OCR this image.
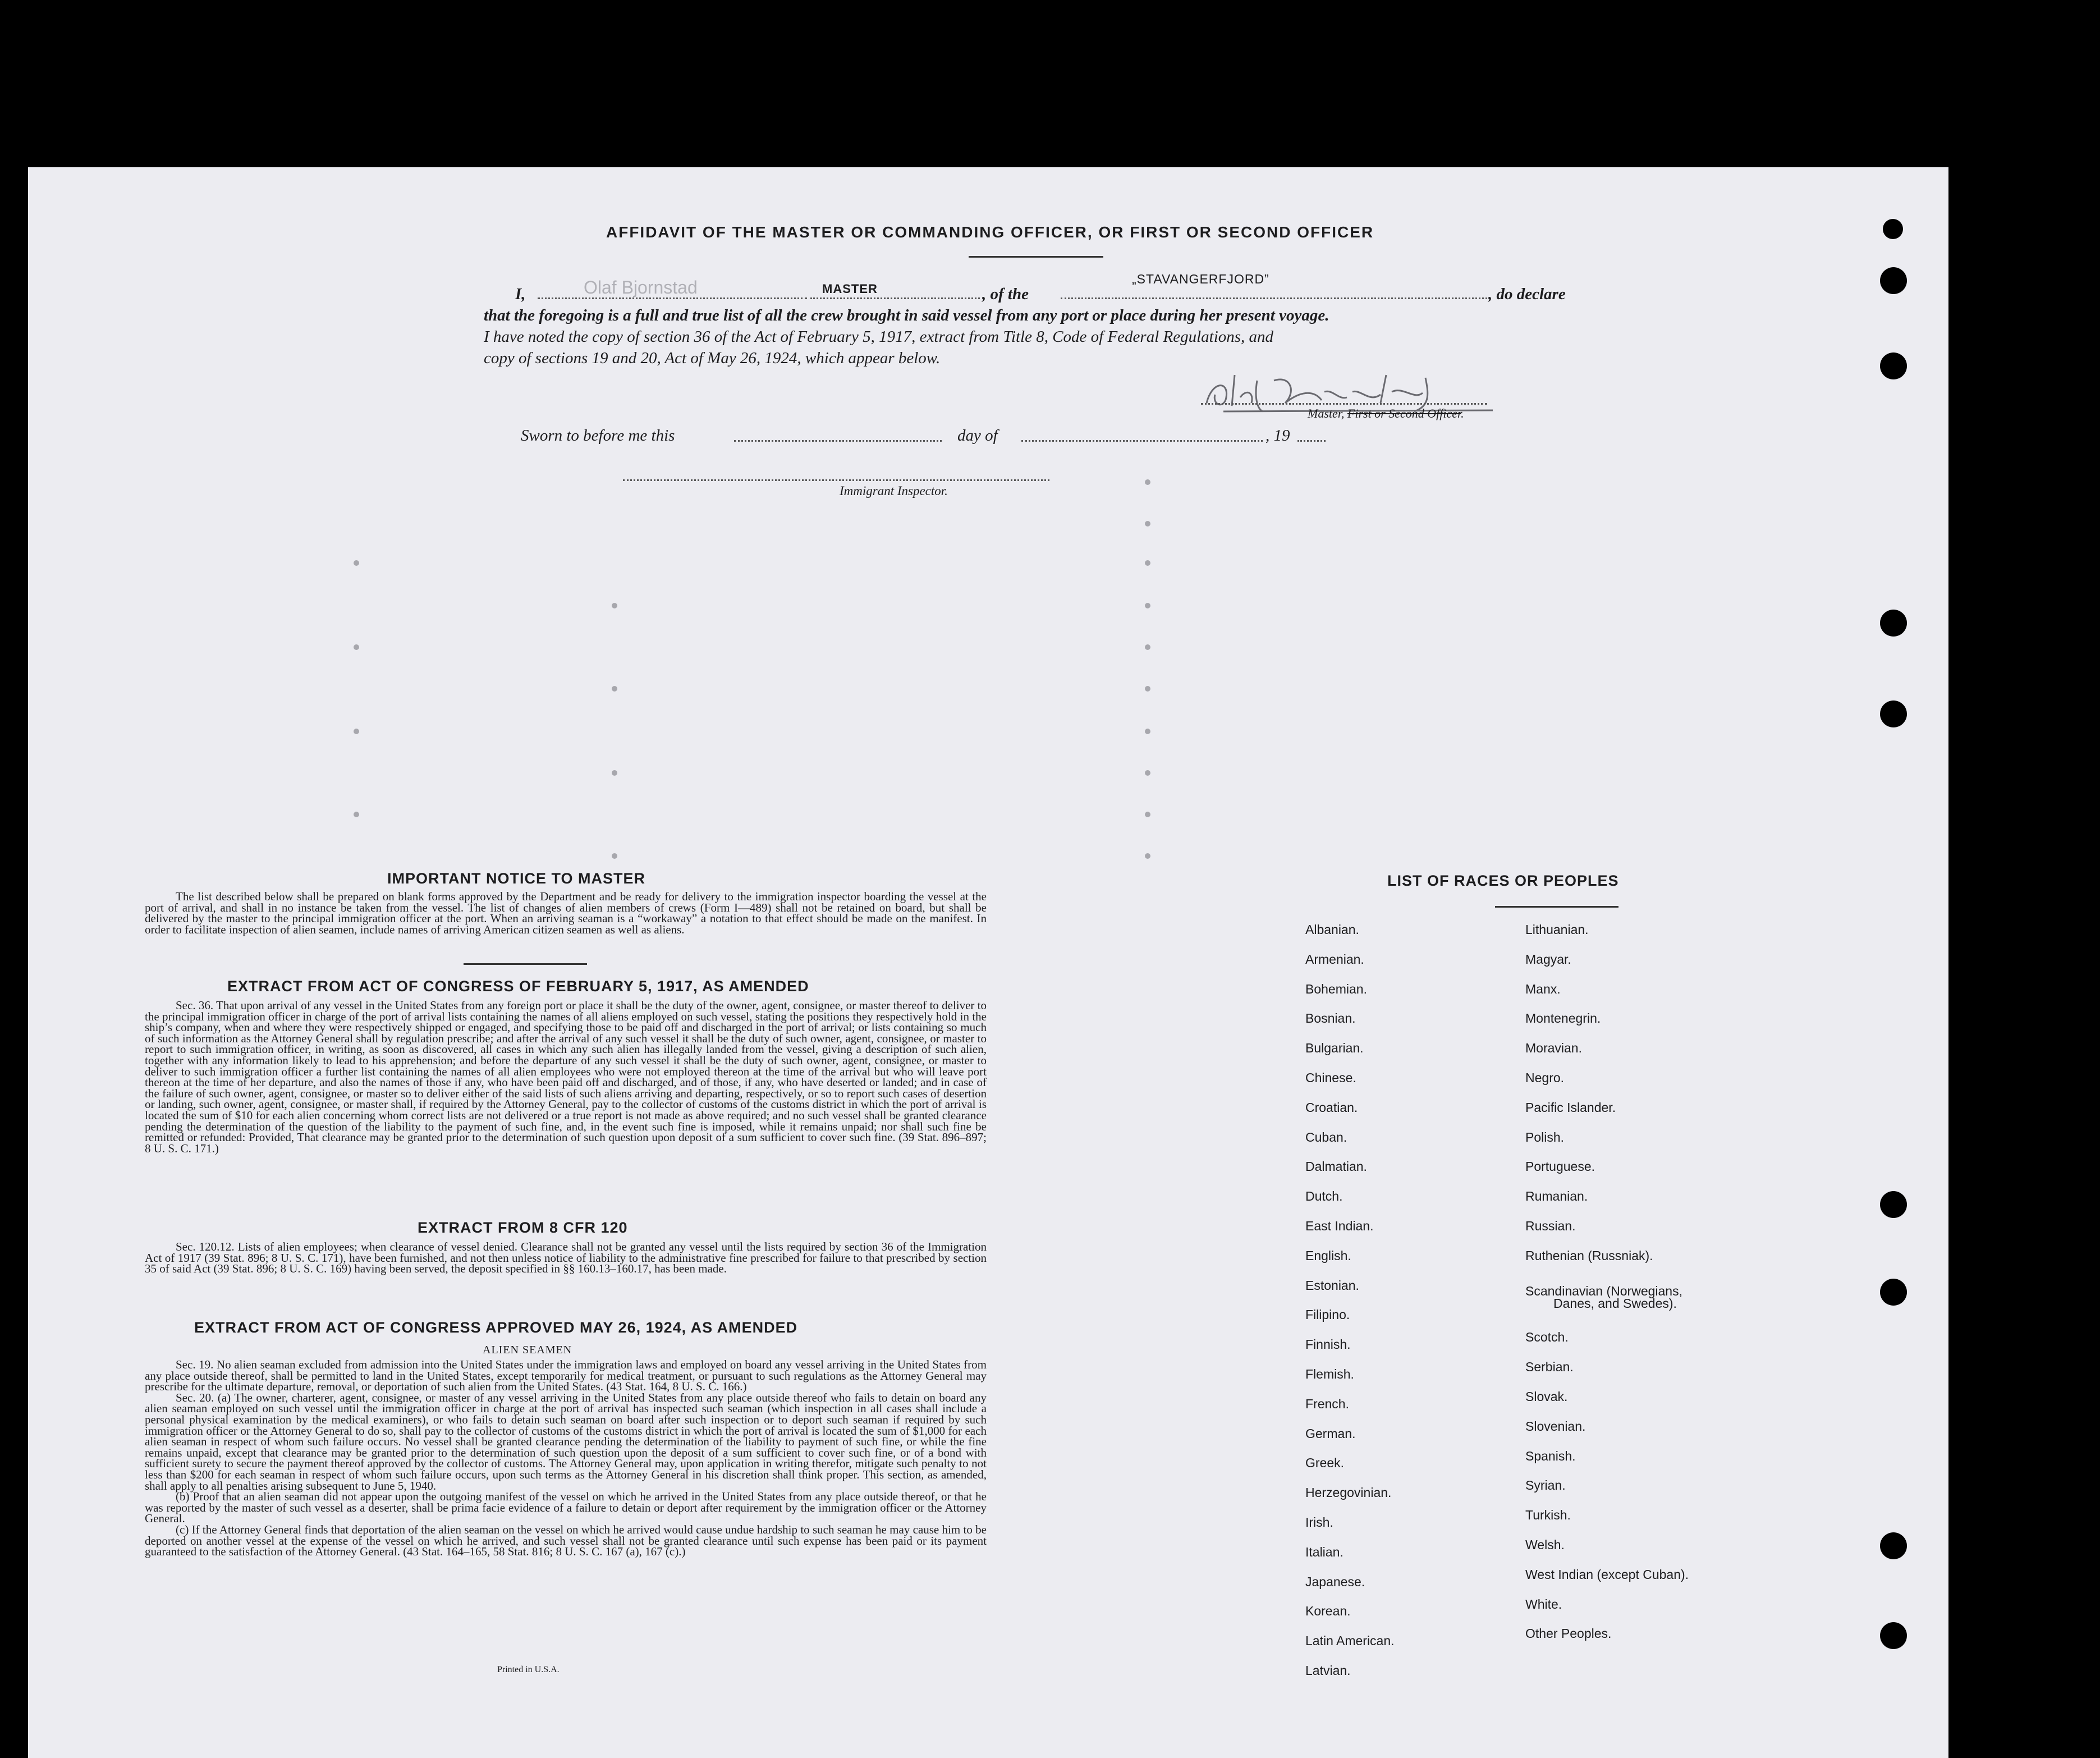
AFFIDAVIT OF THE MASTER OR COMMANDING OFFICER, OR FIRST OR SECOND OFFICER
I,	Olaf Bjornstad	MASTER	, of the
„STAVANGERFJORD”
, do declare
that the foregoing is a full and true list of all the crew brought in said vessel from any port or place during her present voyage.
I have noted the copy of section 36 of the Act of February 5, 1917, extract from Title 8, Code of Federal Regulations, and
copy of sections 19 and 20, Act of May 26, 1924, which appear below.
Master, First or Second Officer.
Sworn to before me this	day of	, 19
Immigrant Inspector.
IMPORTANT NOTICE TO MASTER
The list described below shall be prepared on blank forms approved by the Department and be ready for delivery to the immigration inspector boarding the vessel at the port of arrival, and shall in no instance be taken from the vessel. The list of changes of alien members of crews (Form I—489) shall not be retained on board, but shall be delivered by the master to the principal immigration officer at the port. When an arriving seaman is a “workaway” a notation to that effect should be made on the manifest. In order to facilitate inspection of alien seamen, include names of arriving American citizen seamen as well as aliens.
EXTRACT FROM ACT OF CONGRESS OF FEBRUARY 5, 1917, AS AMENDED
Sec. 36. That upon arrival of any vessel in the United States from any foreign port or place it shall be the duty of the owner, agent, consignee, or master thereof to deliver to the principal immigration officer in charge of the port of arrival lists containing the names of all aliens employed on such vessel, stating the positions they respectively hold in the ship’s company, when and where they were respectively shipped or engaged, and specifying those to be paid off and discharged in the port of arrival; or lists containing so much of such information as the Attorney General shall by regulation prescribe; and after the arrival of any such vessel it shall be the duty of such owner, agent, consignee, or master to report to such immigration officer, in writing, as soon as discovered, all cases in which any such alien has illegally landed from the vessel, giving a description of such alien, together with any information likely to lead to his apprehension; and before the departure of any such vessel it shall be the duty of such owner, agent, consignee, or master to deliver to such immigration officer a further list containing the names of all alien employees who were not employed thereon at the time of the arrival but who will leave port thereon at the time of her departure, and also the names of those if any, who have been paid off and discharged, and of those, if any, who have deserted or landed; and in case of the failure of such owner, agent, consignee, or master so to deliver either of the said lists of such aliens arriving and departing, respectively, or so to report such cases of desertion or landing, such owner, agent, consignee, or master shall, if required by the Attorney General, pay to the collector of customs of the customs district in which the port of arrival is located the sum of $10 for each alien concerning whom correct lists are not delivered or a true report is not made as above required; and no such vessel shall be granted clearance pending the determination of the question of the liability to the payment of such fine, and, in the event such fine is imposed, while it remains unpaid; nor shall such fine be remitted or refunded: Provided, That clearance may be granted prior to the determination of such question upon deposit of a sum sufficient to cover such fine. (39 Stat. 896–897; 8 U. S. C. 171.)
EXTRACT FROM 8 CFR 120
Sec. 120.12. Lists of alien employees; when clearance of vessel denied. Clearance shall not be granted any vessel until the lists required by section 36 of the Immigration Act of 1917 (39 Stat. 896; 8 U. S. C. 171), have been furnished, and not then unless notice of liability to the administrative fine prescribed for failure to that prescribed by section 35 of said Act (39 Stat. 896; 8 U. S. C. 169) having been served, the deposit specified in §§ 160.13–160.17, has been made.
EXTRACT FROM ACT OF CONGRESS APPROVED MAY 26, 1924, AS AMENDED
ALIEN SEAMEN
Sec. 19. No alien seaman excluded from admission into the United States under the immigration laws and employed on board any vessel arriving in the United States from any place outside thereof, shall be permitted to land in the United States, except temporarily for medical treatment, or pursuant to such regulations as the Attorney General may prescribe for the ultimate departure, removal, or deportation of such alien from the United States. (43 Stat. 164, 8 U. S. C. 166.)
Sec. 20. (a) The owner, charterer, agent, consignee, or master of any vessel arriving in the United States from any place outside thereof who fails to detain on board any alien seaman employed on such vessel until the immigration officer in charge at the port of arrival has inspected such seaman (which inspection in all cases shall include a personal physical examination by the medical examiners), or who fails to detain such seaman on board after such inspection or to deport such seaman if required by such immigration officer or the Attorney General to do so, shall pay to the collector of customs of the customs district in which the port of arrival is located the sum of $1,000 for each alien seaman in respect of whom such failure occurs. No vessel shall be granted clearance pending the determination of the liability to payment of such fine, or while the fine remains unpaid, except that clearance may be granted prior to the determination of such question upon the deposit of a sum sufficient to cover such fine, or of a bond with sufficient surety to secure the payment thereof approved by the collector of customs. The Attorney General may, upon application in writing therefor, mitigate such penalty to not less than $200 for each seaman in respect of whom such failure occurs, upon such terms as the Attorney General in his discretion shall think proper. This section, as amended, shall apply to all penalties arising subsequent to June 5, 1940.
(b) Proof that an alien seaman did not appear upon the outgoing manifest of the vessel on which he arrived in the United States from any place outside thereof, or that he was reported by the master of such vessel as a deserter, shall be prima facie evidence of a failure to detain or deport after requirement by the immigration officer or the Attorney General.
(c) If the Attorney General finds that deportation of the alien seaman on the vessel on which he arrived would cause undue hardship to such seaman he may cause him to be deported on another vessel at the expense of the vessel on which he arrived, and such vessel shall not be granted clearance until such expense has been paid or its payment guaranteed to the satisfaction of the Attorney General. (43 Stat. 164–165, 58 Stat. 816; 8 U. S. C. 167 (a), 167 (c).)
Printed in U.S.A.
LIST OF RACES OR PEOPLES
Albanian.
Armenian.
Bohemian.
Bosnian.
Bulgarian.
Chinese.
Croatian.
Cuban.
Dalmatian.
Dutch.
East Indian.
English.
Estonian.
Filipino.
Finnish.
Flemish.
French.
German.
Greek.
Herzegovinian.
Irish.
Italian.
Japanese.
Korean.
Latin American.
Latvian.
Lithuanian.
Magyar.
Manx.
Montenegrin.
Moravian.
Negro.
Pacific Islander.
Polish.
Portuguese.
Rumanian.
Russian.
Ruthenian (Russniak).
Scandinavian (Norwegians,
Danes, and Swedes).
Scotch.
Serbian.
Slovak.
Slovenian.
Spanish.
Syrian.
Turkish.
Welsh.
West Indian (except Cuban).
White.
Other Peoples.
